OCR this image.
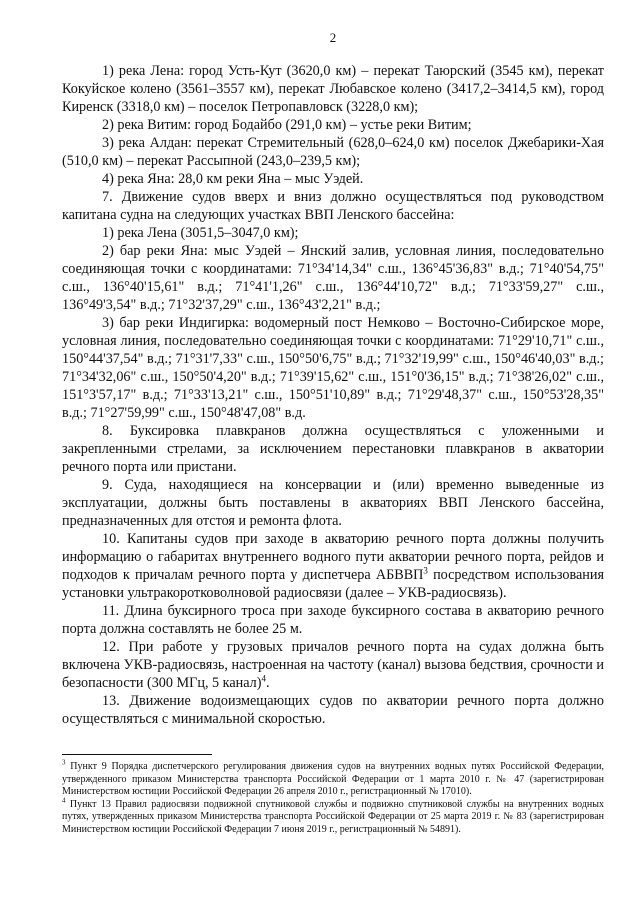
2

1) река Лена: город Усть-Кут (3620,0 км) – перекат Таюрский (3545 км), перекат Кокуйское колено (3561–3557 км), перекат Любавское колено (3417,2–3414,5 км), город Киренск (3318,0 км) – поселок Петропавловск (3228,0 км);

2) река Витим: город Бодайбо (291,0 км) – устье реки Витим;

3) река Алдан: перекат Стремительный (628,0–624,0 км) поселок Джебарики-Хая (510,0 км) – перекат Рассыпной (243,0–239,5 км);

4) река Яна: 28,0 км реки Яна – мыс Уэдей.

7. Движение судов вверх и вниз должно осуществляться под руководством капитана судна на следующих участках ВВП Ленского бассейна:

1) река Лена (3051,5–3047,0 км);

2) бар реки Яна: мыс Уэдей – Янский залив, условная линия, последовательно соединяющая точки с координатами: 71°34'14,34" с.ш., 136°45'36,83" в.д.; 71°40'54,75" с.ш., 136°40'15,61" в.д.; 71°41'1,26" с.ш., 136°44'10,72" в.д.; 71°33'59,27" с.ш., 136°49'3,54" в.д.; 71°32'37,29" с.ш., 136°43'2,21" в.д.;

3) бар реки Индигирка: водомерный пост Немково – Восточно-Сибирское море, условная линия, последовательно соединяющая точки с координатами: 71°29'10,71" с.ш., 150°44'37,54" в.д.; 71°31'7,33" с.ш., 150°50'6,75" в.д.; 71°32'19,99" с.ш., 150°46'40,03" в.д.; 71°34'32,06" с.ш., 150°50'4,20" в.д.; 71°39'15,62" с.ш., 151°0'36,15" в.д.; 71°38'26,02" с.ш., 151°3'57,17" в.д.; 71°33'13,21" с.ш., 150°51'10,89" в.д.; 71°29'48,37" с.ш., 150°53'28,35" в.д.; 71°27'59,99" с.ш., 150°48'47,08" в.д.

8. Буксировка плавкранов должна осуществляться с уложенными и закрепленными стрелами, за исключением перестановки плавкранов в акватории речного порта или пристани.

9. Суда, находящиеся на консервации и (или) временно выведенные из эксплуатации, должны быть поставлены в акваториях ВВП Ленского бассейна, предназначенных для отстоя и ремонта флота.

10. Капитаны судов при заходе в акваторию речного порта должны получить информацию о габаритах внутреннего водного пути акватории речного порта, рейдов и подходов к причалам речного порта у диспетчера АБВВП$^3$ посредством использования установки ультракоротковолновой радиосвязи (далее – УКВ-радиосвязь).

11. Длина буксирного троса при заходе буксирного состава в акваторию речного порта должна составлять не более 25 м.

12. При работе у грузовых причалов речного порта на судах должна быть включена УКВ-радиосвязь, настроенная на частоту (канал) вызова бедствия, срочности и безопасности (300 МГц, 5 канал)$^4$.

13. Движение водоизмещающих судов по акватории речного порта должно осуществляться с минимальной скоростью.

$^3$ Пункт 9 Порядка диспетчерского регулирования движения судов на внутренних водных путях Российской Федерации, утвержденного приказом Министерства транспорта Российской Федерации от 1 марта 2010 г. № 47 (зарегистрирован Министерством юстиции Российской Федерации 26 апреля 2010 г., регистрационный № 17010).

$^4$ Пункт 13 Правил радиосвязи подвижной спутниковой службы и подвижно спутниковой службы на внутренних водных путях, утвержденных приказом Министерства транспорта Российской Федерации от 25 марта 2019 г. № 83 (зарегистрирован Министерством юстиции Российской Федерации 7 июня 2019 г., регистрационный № 54891).
